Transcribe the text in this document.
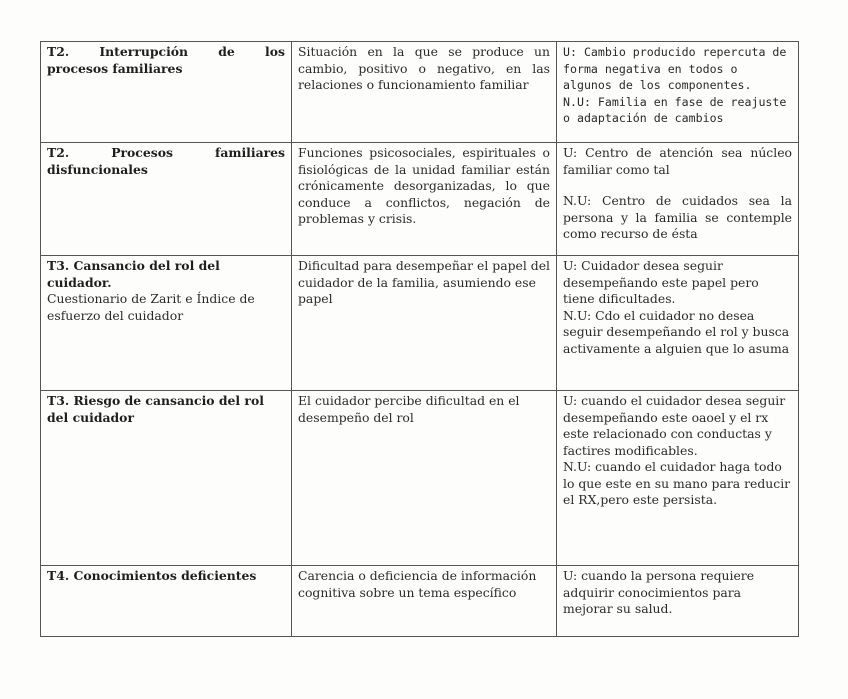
T2. Interrupción de los
procesos familiares	Situación en la que se produce un cambio, positivo o negativo, en las relaciones o funcionamiento familiar	U: Cambio producido repercuta de forma negativa en todos o algunos de los componentes.
N.U: Familia en fase de reajuste o adaptación de cambios

T2. Procesos familiares
disfuncionales	Funciones psicosociales, espirituales o fisiológicas de la unidad familiar están crónicamente desorganizadas, lo que conduce a conflictos, negación de problemas y crisis.	U: Centro de atención sea núcleo familiar como tal
N.U: Centro de cuidados sea la persona y la familia se contemple como recurso de ésta

T3. Cansancio del rol del cuidador.
Cuestionario de Zarit e Índice de esfuerzo del cuidador	Dificultad para desempeñar el papel del cuidador de la familia, asumiendo ese papel	U: Cuidador desea seguir desempeñando este papel pero tiene dificultades.
N.U: Cdo el cuidador no desea seguir desempeñando el rol y busca activamente a alguien que lo asuma

T3. Riesgo de cansancio del rol del cuidador	El cuidador percibe dificultad en el desempeño del rol	U: cuando el cuidador desea seguir desempeñando este oaoel y el rx este relacionado con conductas y factires modificables.
N.U: cuando el cuidador haga todo lo que este en su mano para reducir el RX,pero este persista.

T4. Conocimientos deficientes	Carencia o deficiencia de información cognitiva sobre un tema específico	U: cuando la persona requiere adquirir conocimientos para mejorar su salud.
